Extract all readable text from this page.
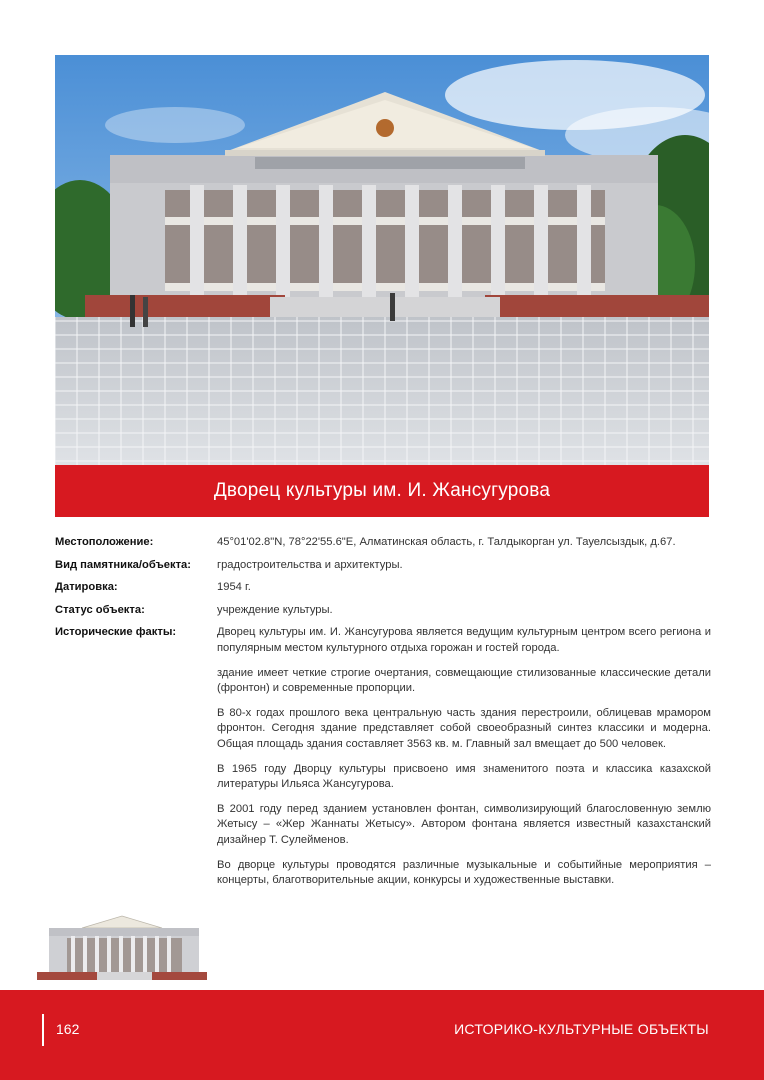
Дворец культуры им. И. Жансугурова
Местоположение:	45°01'02.8"N, 78°22'55.6"E, Алматинская область, г. Талдыкорган ул. Тауелсыздык, д.67.
Вид памятника/объекта:	градостроительства и архитектуры.
Датировка:	1954 г.
Статус объекта:	учреждение культуры.
Исторические факты:	Дворец культуры им. И. Жансугурова является ведущим культурным центром всего региона и популярным местом культурного отдыха горожан и гостей города.

здание имеет четкие строгие очертания, совмещающие стилизованные классические детали (фронтон) и современные пропорции.

В 80-х годах прошлого века центральную часть здания перестроили, облицевав мрамором фронтон. Сегодня здание представляет собой своеобразный синтез классики и модерна. Общая площадь здания составляет 3563 кв. м. Главный зал вмещает до 500 человек.

В 1965 году Дворцу культуры присвоено имя знаменитого поэта и классика казахской литературы Ильяса Жансугурова.

В 2001 году перед зданием установлен фонтан, символизирующий благословенную землю Жетысу – «Жер Жаннаты Жетысу». Автором фонтана является известный казахстанский дизайнер Т. Сулейменов.

Во дворце культуры проводятся различные музыкальные и событийные мероприятия – концерты, благотворительные акции, конкурсы и художественные выставки.

162	ИСТОРИКО-КУЛЬТУРНЫЕ ОБЪЕКТЫ
